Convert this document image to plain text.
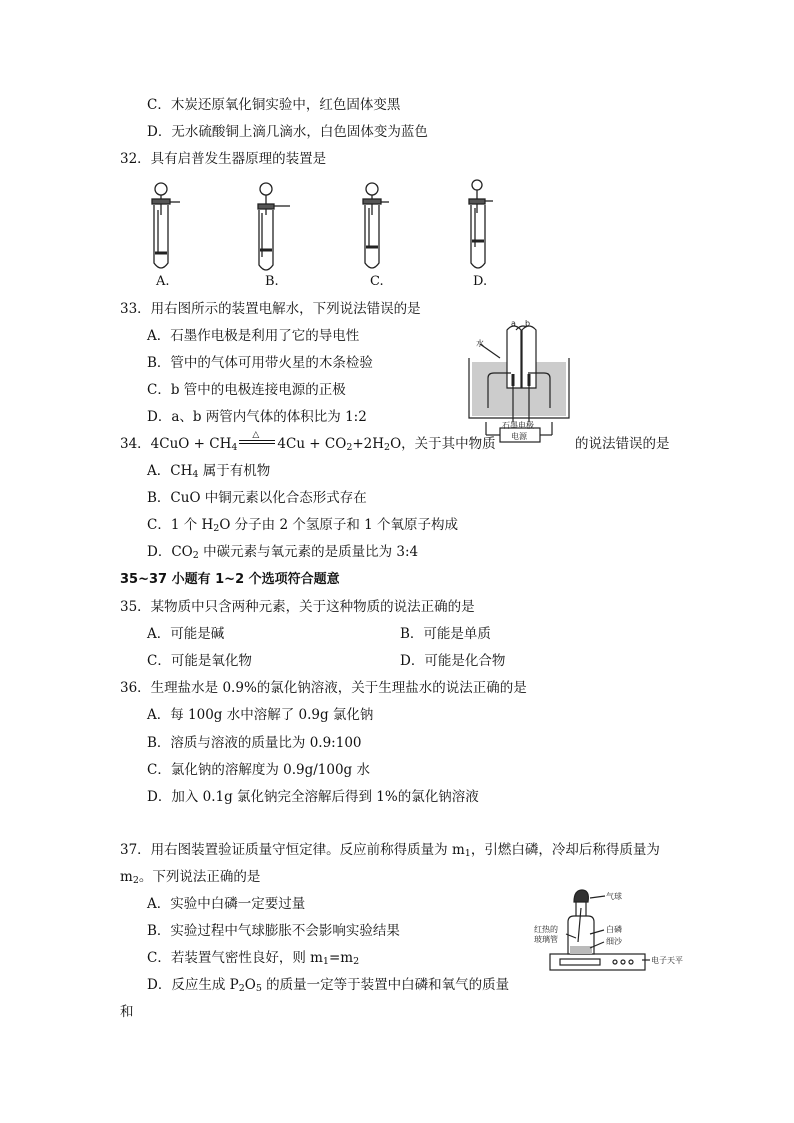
C．木炭还原氧化铜实验中，红色固体变黑
D．无水硫酸铜上滴几滴水，白色固体变为蓝色
32．具有启普发生器原理的装置是
A.	B.	C.	D.
33．用右图所示的装置电解水，下列说法错误的是
A．石墨作电极是利用了它的导电性
B．管中的气体可用带火星的木条检验
C．b 管中的电极连接电源的正极
D．a、b 两管内气体的体积比为 1:2
a b
水
石墨电极
电源
34．4CuO + CH4
△
4Cu + CO2+2H2O，关于其中物质	的说法错误的是
A．CH4 属于有机物
B．CuO 中铜元素以化合态形式存在
C．1 个 H2O 分子由 2 个氢原子和 1 个氧原子构成
D．CO2 中碳元素与氧元素的是质量比为 3:4
35~37 小题有 1~2 个选项符合题意
35．某物质中只含两种元素，关于这种物质的说法正确的是
A．可能是碱	B．可能是单质
C．可能是氧化物	D．可能是化合物
36．生理盐水是 0.9%的氯化钠溶液，关于生理盐水的说法正确的是
A．每 100g 水中溶解了 0.9g 氯化钠
B．溶质与溶液的质量比为 0.9:100
C．氯化钠的溶解度为 0.9g/100g 水
D．加入 0.1g 氯化钠完全溶解后得到 1%的氯化钠溶液
37．用右图装置验证质量守恒定律。反应前称得质量为 m1，引燃白磷，冷却后称得质量为
m2。下列说法正确的是
A．实验中白磷一定要过量
B．实验过程中气球膨胀不会影响实验结果
C．若装置气密性良好，则 m1=m2
D．反应生成 P2O5 的质量一定等于装置中白磷和氧气的质量
和
气球
红热的
玻璃管
白磷
细沙
电子天平
